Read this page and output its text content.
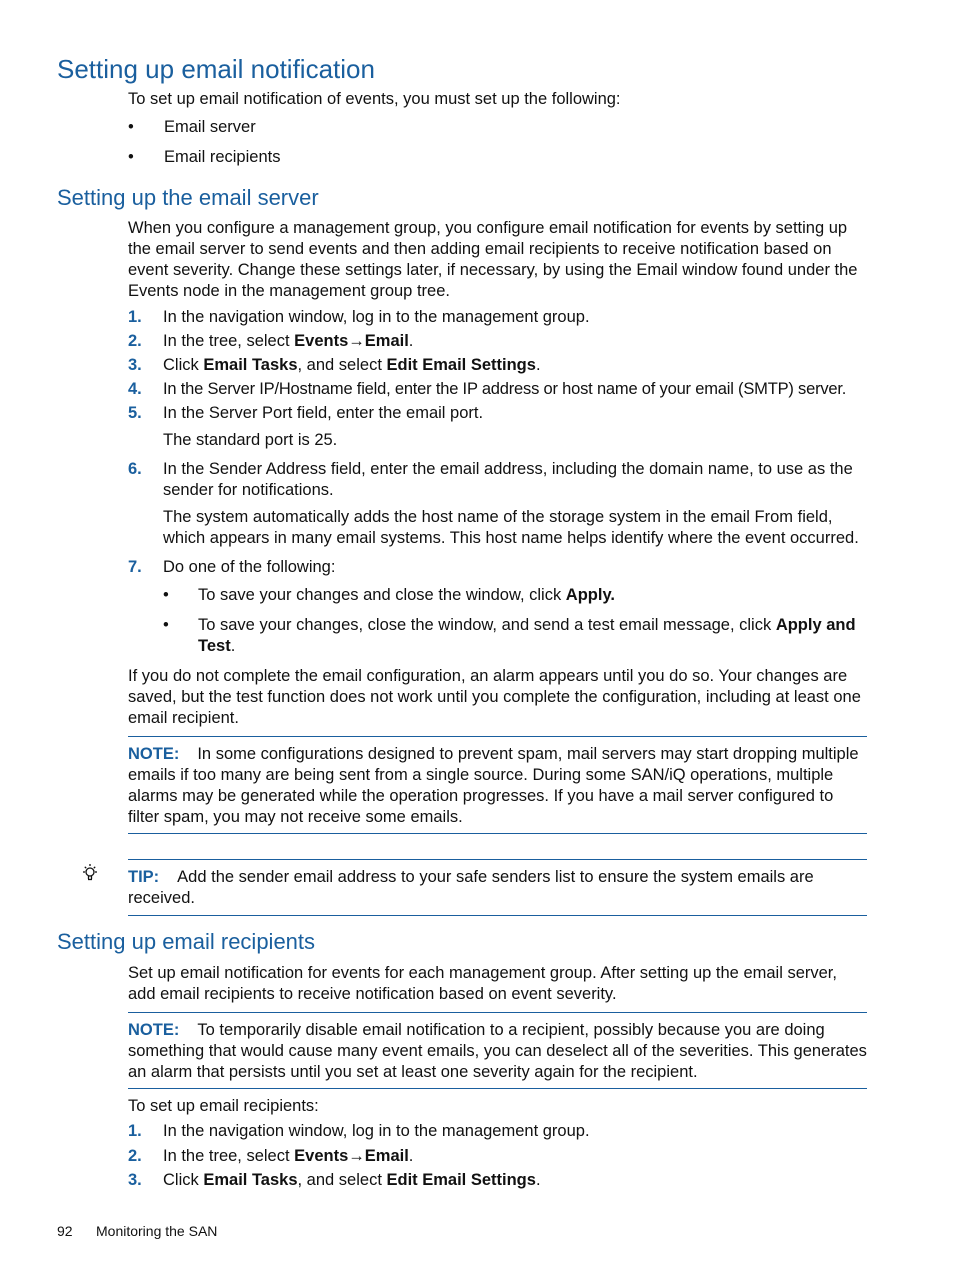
Setting up email notification

To set up email notification of events, you must set up the following:

•	Email server
•	Email recipients
Setting up the email server

When you configure a management group, you configure email notification for events by setting up the email server to send events and then adding email recipients to receive notification based on event severity. Change these settings later, if necessary, by using the Email window found under the Events node in the management group tree.

1. In the navigation window, log in to the management group.
2. In the tree, select Events→Email.
3. Click Email Tasks, and select Edit Email Settings.
4. In the Server IP/Hostname field, enter the IP address or host name of your email (SMTP) server.
5. In the Server Port field, enter the email port.
The standard port is 25.
6. In the Sender Address field, enter the email address, including the domain name, to use as the sender for notifications.
The system automatically adds the host name of the storage system in the email From field, which appears in many email systems. This host name helps identify where the event occurred.
7. Do one of the following:
• To save your changes and close the window, click Apply.
• To save your changes, close the window, and send a test email message, click Apply and Test.

If you do not complete the email configuration, an alarm appears until you do so. Your changes are saved, but the test function does not work until you complete the configuration, including at least one email recipient.

NOTE: In some configurations designed to prevent spam, mail servers may start dropping multiple emails if too many are being sent from a single source. During some SAN/iQ operations, multiple alarms may be generated while the operation progresses. If you have a mail server configured to filter spam, you may not receive some emails.
TIP: Add the sender email address to your safe senders list to ensure the system emails are received.
Setting up email recipients

Set up email notification for events for each management group. After setting up the email server, add email recipients to receive notification based on event severity.

NOTE: To temporarily disable email notification to a recipient, possibly because you are doing something that would cause many event emails, you can deselect all of the severities. This generates an alarm that persists until you set at least one severity again for the recipient.

To set up email recipients:

1. In the navigation window, log in to the management group.
2. In the tree, select Events→Email.
3. Click Email Tasks, and select Edit Email Settings.
92 Monitoring the SAN
